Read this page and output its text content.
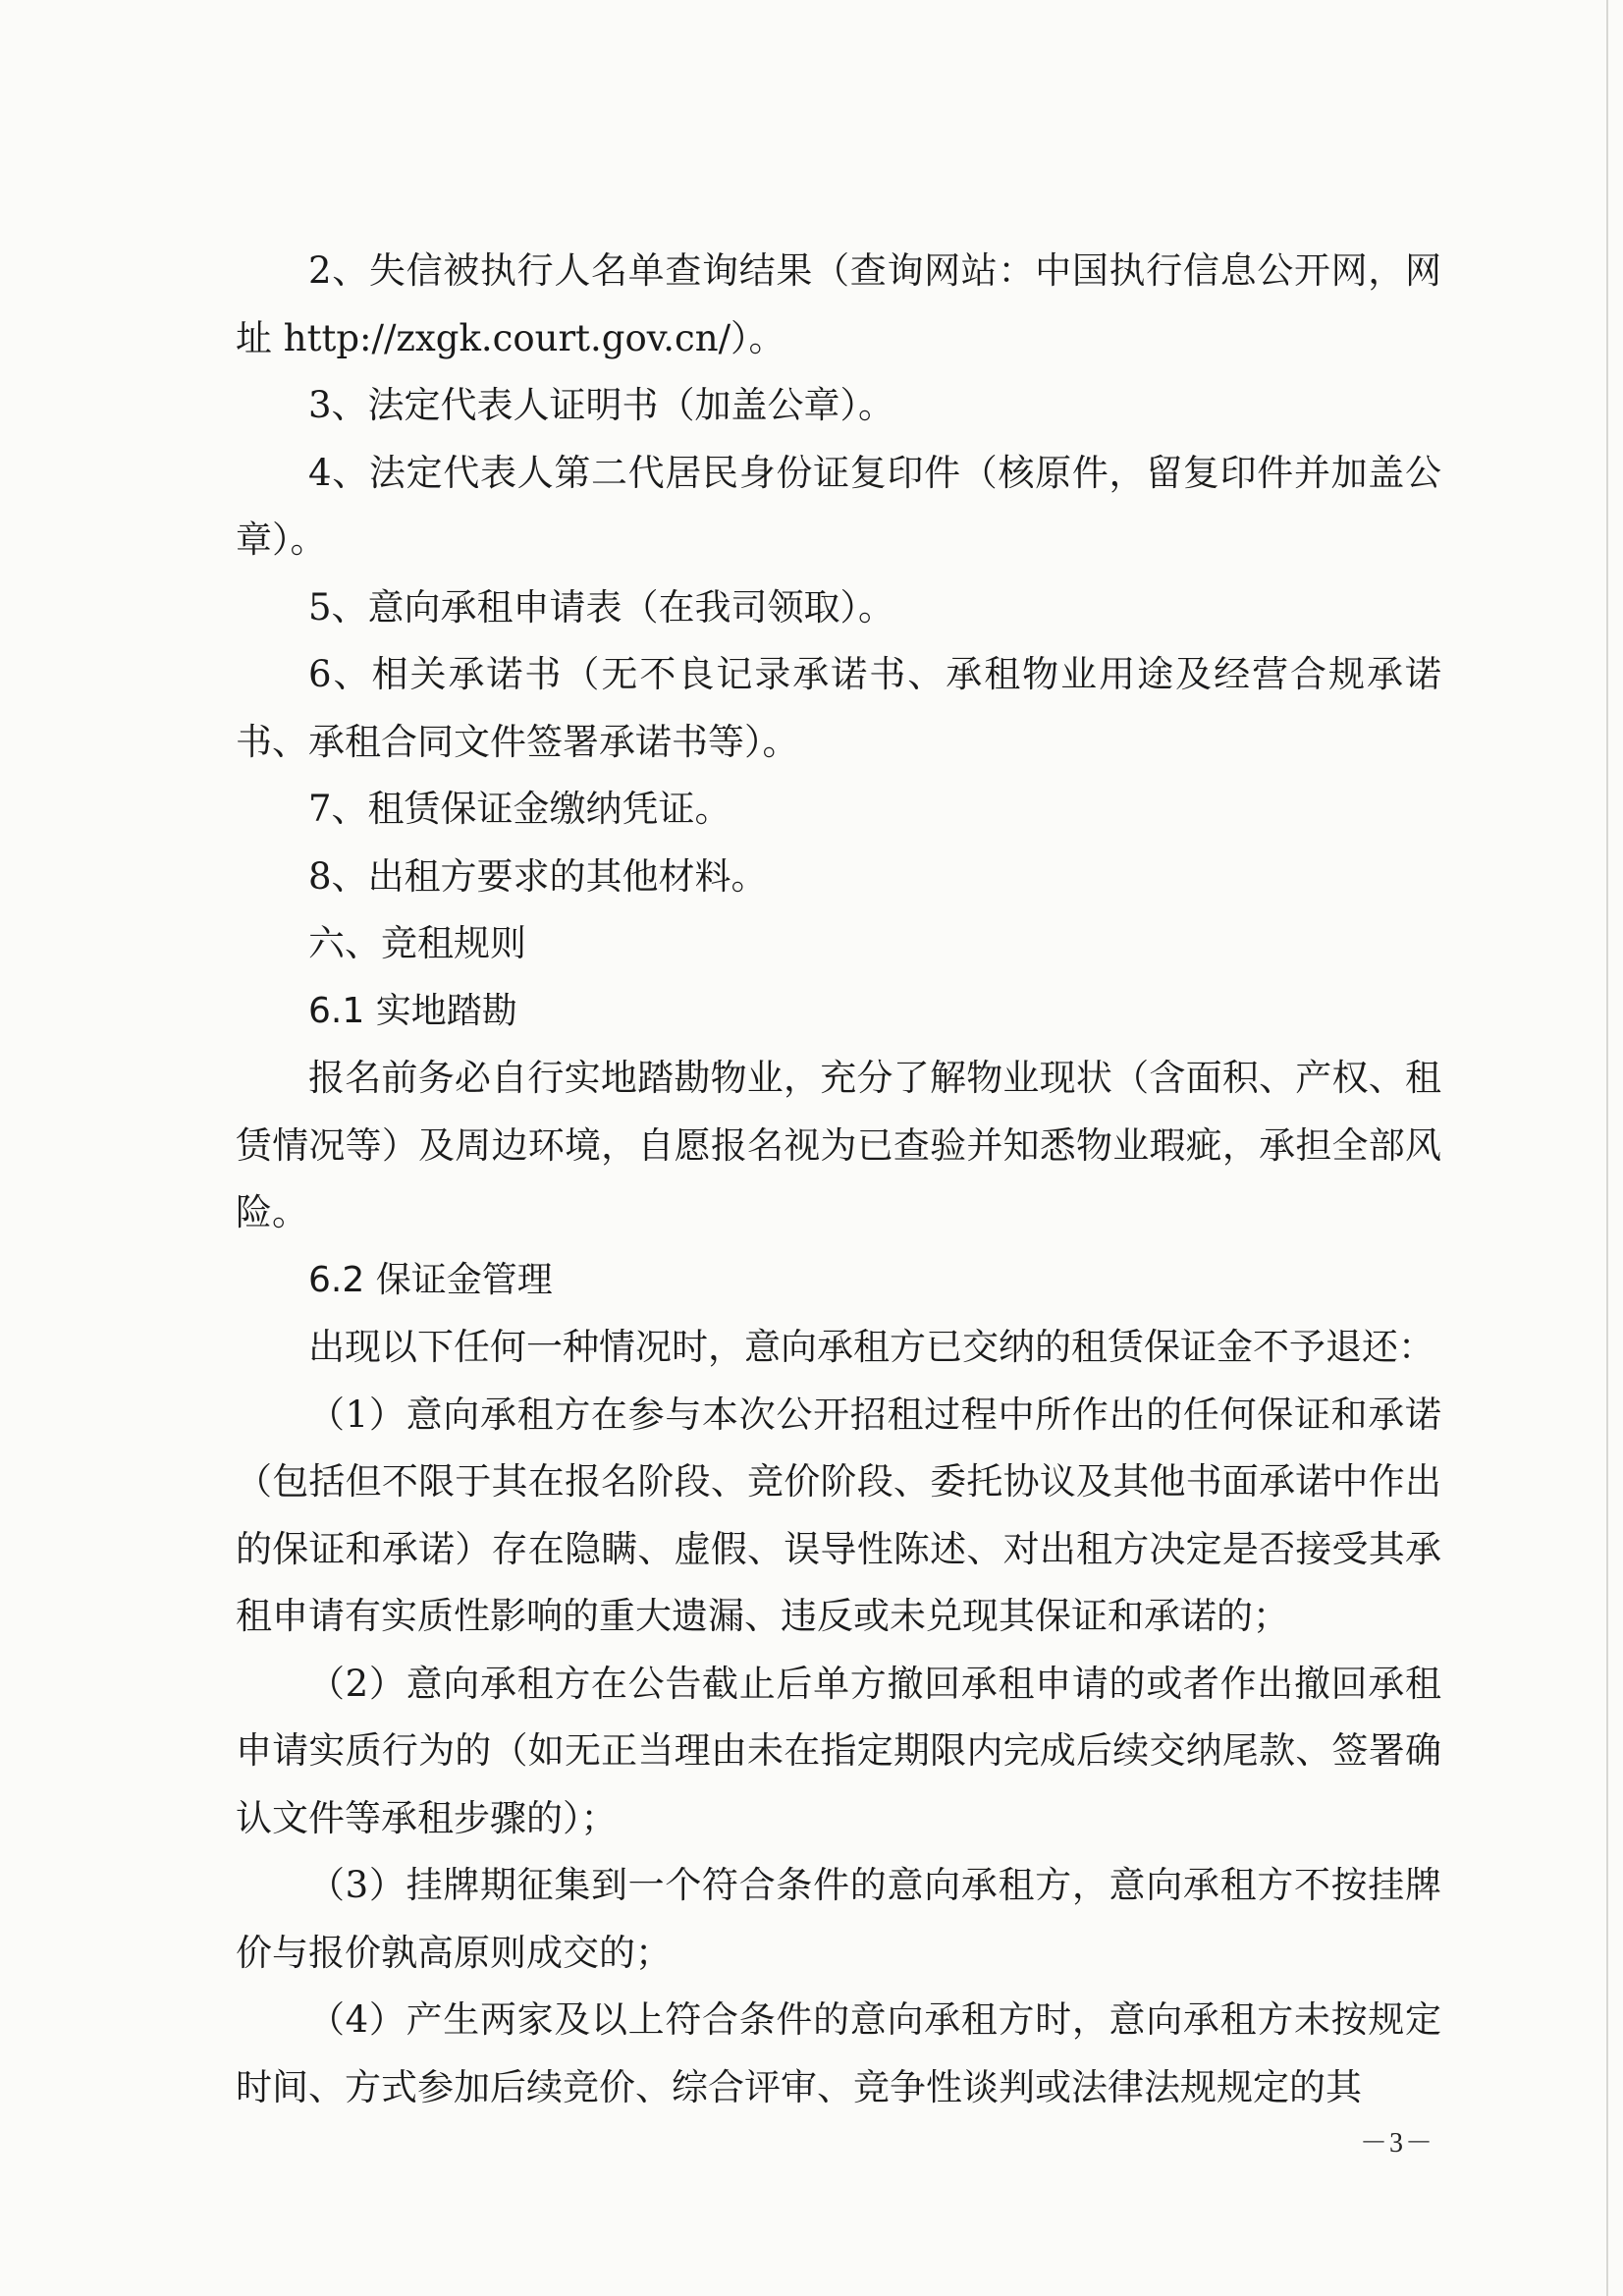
2、失信被执行人名单查询结果（查询网站：中国执行信息公开网，网址 http://zxgk.court.gov.cn/）。

3、法定代表人证明书（加盖公章）。

4、法定代表人第二代居民身份证复印件（核原件，留复印件并加盖公章）。

5、意向承租申请表（在我司领取）。

6、相关承诺书（无不良记录承诺书、承租物业用途及经营合规承诺书、承租合同文件签署承诺书等）。

7、租赁保证金缴纳凭证。

8、出租方要求的其他材料。

六、竞租规则

6.1 实地踏勘

报名前务必自行实地踏勘物业，充分了解物业现状（含面积、产权、租赁情况等）及周边环境，自愿报名视为已查验并知悉物业瑕疵，承担全部风险。

6.2 保证金管理

出现以下任何一种情况时，意向承租方已交纳的租赁保证金不予退还：

（1）意向承租方在参与本次公开招租过程中所作出的任何保证和承诺（包括但不限于其在报名阶段、竞价阶段、委托协议及其他书面承诺中作出的保证和承诺）存在隐瞒、虚假、误导性陈述、对出租方决定是否接受其承租申请有实质性影响的重大遗漏、违反或未兑现其保证和承诺的；

（2）意向承租方在公告截止后单方撤回承租申请的或者作出撤回承租申请实质行为的（如无正当理由未在指定期限内完成后续交纳尾款、签署确认文件等承租步骤的）；

（3）挂牌期征集到一个符合条件的意向承租方，意向承租方不按挂牌价与报价孰高原则成交的；

（4）产生两家及以上符合条件的意向承租方时，意向承租方未按规定时间、方式参加后续竞价、综合评审、竞争性谈判或法律法规规定的其

－3－
